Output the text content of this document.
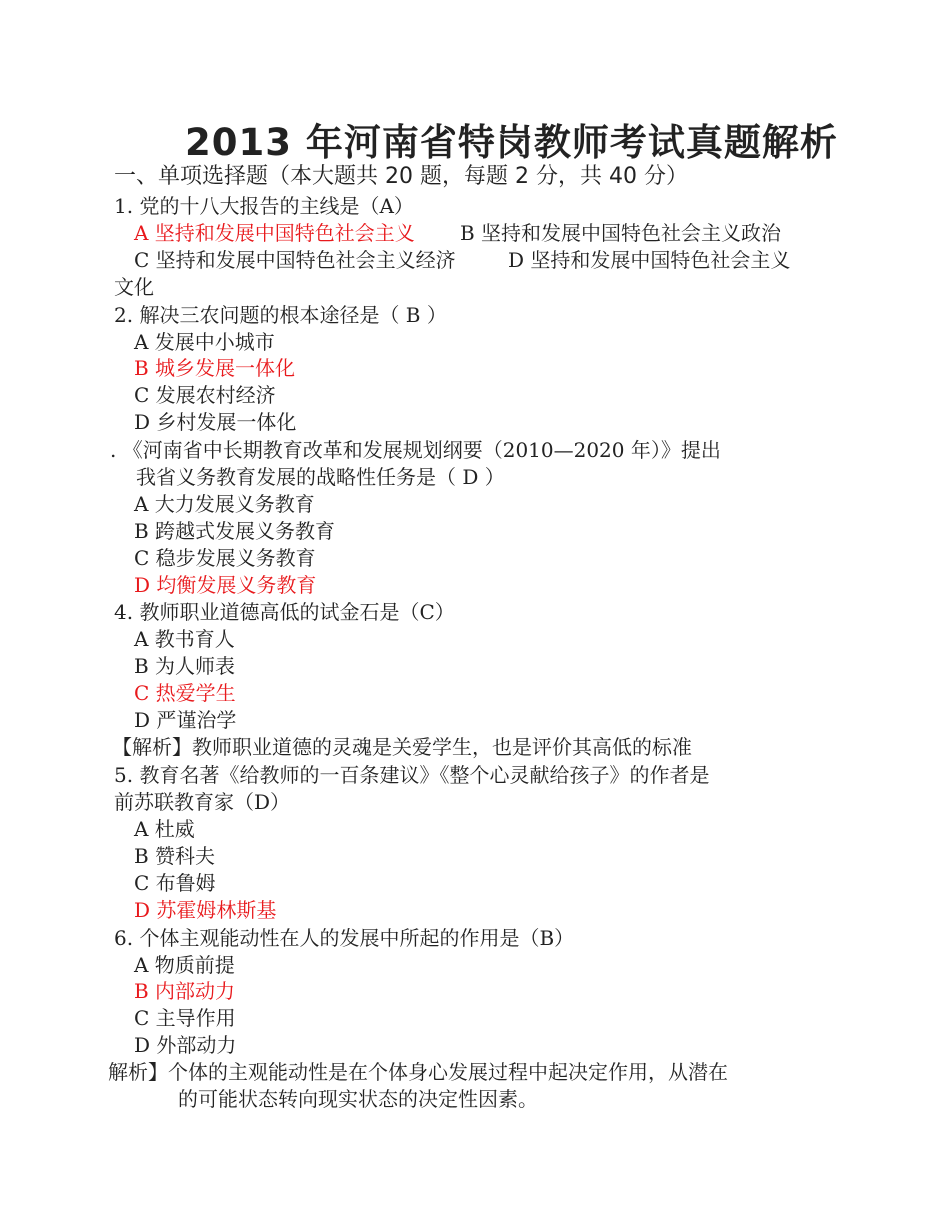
2013 年河南省特岗教师考试真题解析
一、单项选择题（本大题共 20 题，每题 2 分，共 40 分）
1. 党的十八大报告的主线是（A）
A 坚持和发展中国特色社会主义 B 坚持和发展中国特色社会主义政治
C 坚持和发展中国特色社会主义经济	D 坚持和发展中国特色社会主义
文化
2. 解决三农问题的根本途径是（ B ）
A 发展中小城市
B 城乡发展一体化
C 发展农村经济
D 乡村发展一体化
. 《河南省中长期教育改革和发展规划纲要（2010—2020 年）》提出
我省义务教育发展的战略性任务是（ D ）
A 大力发展义务教育
B 跨越式发展义务教育
C 稳步发展义务教育
D 均衡发展义务教育
4. 教师职业道德高低的试金石是（C）
A 教书育人
B 为人师表
C 热爱学生
D 严谨治学
【解析】教师职业道德的灵魂是关爱学生，也是评价其高低的标准
5. 教育名著《给教师的一百条建议》《整个心灵献给孩子》的作者是
前苏联教育家（D）
A 杜威
B 赞科夫
C 布鲁姆
D 苏霍姆林斯基
6. 个体主观能动性在人的发展中所起的作用是（B）
A 物质前提
B 内部动力
C 主导作用
D 外部动力
解析】个体的主观能动性是在个体身心发展过程中起决定作用，从潜在
的可能状态转向现实状态的决定性因素。
